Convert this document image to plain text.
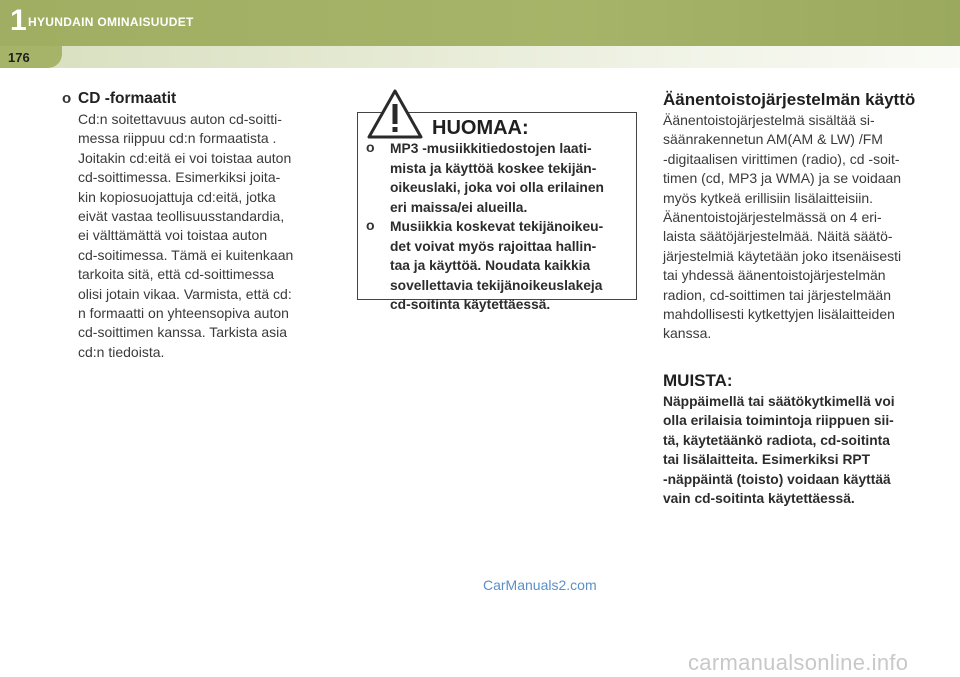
1 HYUNDAIN OMINAISUUDET
176
o CD -formaatit
Cd:n soitettavuus auton cd-soitti-
messa riippuu cd:n formaatista .
Joitakin cd:eitä ei voi toistaa auton
cd-soittimessa. Esimerkiksi joita-
kin kopiosuojattuja cd:eitä, jotka
eivät vastaa teollisuusstandardia,
ei välttämättä voi toistaa auton
cd-soitimessa. Tämä ei kuitenkaan
tarkoita sitä, että cd-soittimessa
olisi jotain vikaa. Varmista, että cd:
n formaatti on yhteensopiva auton
cd-soittimen kanssa. Tarkista asia
cd:n tiedoista.
HUOMAA:
o MP3 -musiikkitiedostojen laati-

mista ja käyttöä koskee tekijän-

oikeuslaki, joka voi olla erilainen

eri maissa/ei alueilla.

o Musiikkia koskevat tekijänoikeu-

det voivat myös rajoittaa hallin-

taa ja käyttöä. Noudata kaikkia

sovellettavia tekijänoikeuslakeja

cd-soitinta käytettäessä.

Äänentoistojärjestelmän käyttö
Äänentoistojärjestelmä sisältää si-
säänrakennetun AM(AM & LW) /FM
-digitaalisen virittimen (radio), cd -soit-
timen (cd, MP3 ja WMA) ja se voidaan
myös kytkeä erillisiin lisälaitteisiin.
Äänentoistojärjestelmässä on 4 eri-
laista säätöjärjestelmää. Näitä säätö-
järjestelmiä käytetään joko itsenäisesti
tai yhdessä äänentoistojärjestelmän
radion, cd-soittimen tai järjestelmään
mahdollisesti kytkettyjen lisälaitteiden
kanssa.
MUISTA:
Näppäimellä tai säätökytkimellä voi
olla erilaisia toimintoja riippuen sii-
tä, käytetäänkö radiota, cd-soitinta
tai lisälaitteita. Esimerkiksi RPT
-näppäintä (toisto) voidaan käyttää
vain cd-soitinta käytettäessä.
CarManuals2.com
carmanualsonline.info
